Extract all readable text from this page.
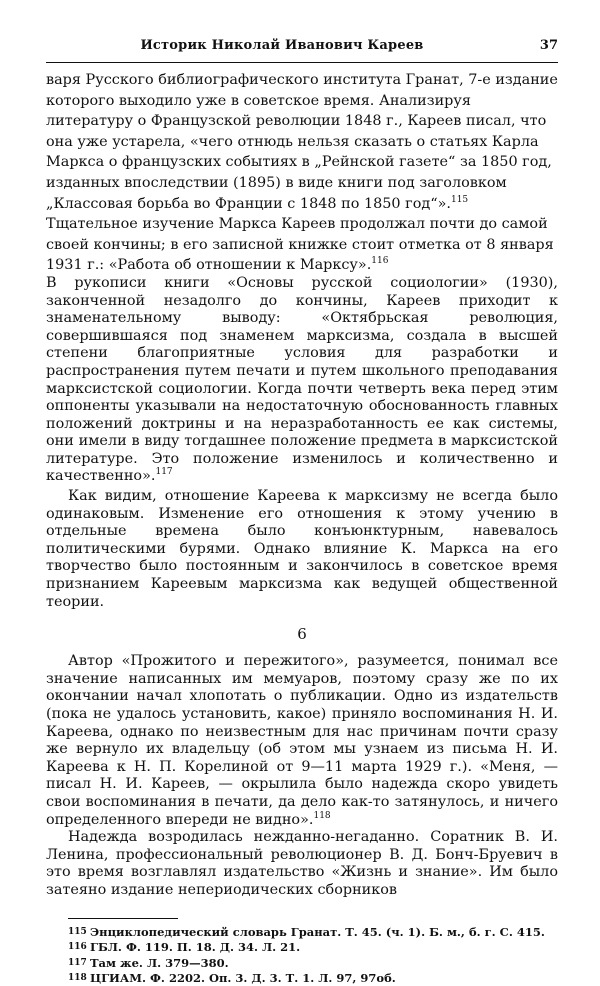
Историк Николай Иванович Кареев	37

варя Русского библиографического института Гранат, 7-е издание которого выходило уже в советское время. Анализируя литературу о Французской революции 1848 г., Кареев писал, что она уже устарела, «чего отнюдь нельзя сказать о статьях Карла Маркса о французских событиях в „Рейнской газете“ за 1850 год, изданных впоследствии (1895) в виде книги под заголовком „Классовая борьба во Франции с 1848 по 1850 год“».$^{115}$

Тщательное изучение Маркса Кареев продолжал почти до самой своей кончины; в его записной книжке стоит отметка от 8 января 1931 г.: «Работа об отношении к Марксу».$^{116}$

В рукописи книги «Основы русской социологии» (1930), законченной незадолго до кончины, Кареев приходит к знаменательному выводу: «Октябрьская революция, совершившаяся под знаменем марксизма, создала в высшей степени благоприятные условия для разработки и распространения путем печати и путем школьного преподавания марксистской социологии. Когда почти четверть века перед этим оппоненты указывали на недостаточную обоснованность главных положений доктрины и на неразработанность ее как системы, они имели в виду тогдашнее положение предмета в марксистской литературе. Это положение изменилось и количественно и качественно».$^{117}$

Как видим, отношение Кареева к марксизму не всегда было одинаковым. Изменение его отношения к этому учению в отдельные времена было конъюнктурным, навевалось политическими бурями. Однако влияние К. Маркса на его творчество было постоянным и закончилось в советское время признанием Кареевым марксизма как ведущей общественной теории.

6

Автор «Прожитого и пережитого», разумеется, понимал все значение написанных им мемуаров, поэтому сразу же по их окончании начал хлопотать о публикации. Одно из издательств (пока не удалось установить, какое) приняло воспоминания Н. И. Кареева, однако по неизвестным для нас причинам почти сразу же вернуло их владельцу (об этом мы узнаем из письма Н. И. Кареева к Н. П. Корелиной от 9—11 марта 1929 г.). «Меня, — писал Н. И. Кареев, — окрылила было надежда скоро увидеть свои воспоминания в печати, да дело как-то затянулось, и ничего определенного впереди не видно».$^{118}$

Надежда возродилась нежданно-негаданно. Соратник В. И. Ленина, профессиональный революционер В. Д. Бонч-Бруевич в это время возглавлял издательство «Жизнь и знание». Им было затеяно издание непериодических сборников

115 Энциклопедический словарь Гранат. Т. 45. (ч. 1). Б. м., б. г. С. 415.
116 ГБЛ. Ф. 119. П. 18. Д. 34. Л. 21.
117 Там же. Л. 379—380.
118 ЦГИАМ. Ф. 2202. Оп. 3. Д. 3. Т. 1. Л. 97, 97об.
